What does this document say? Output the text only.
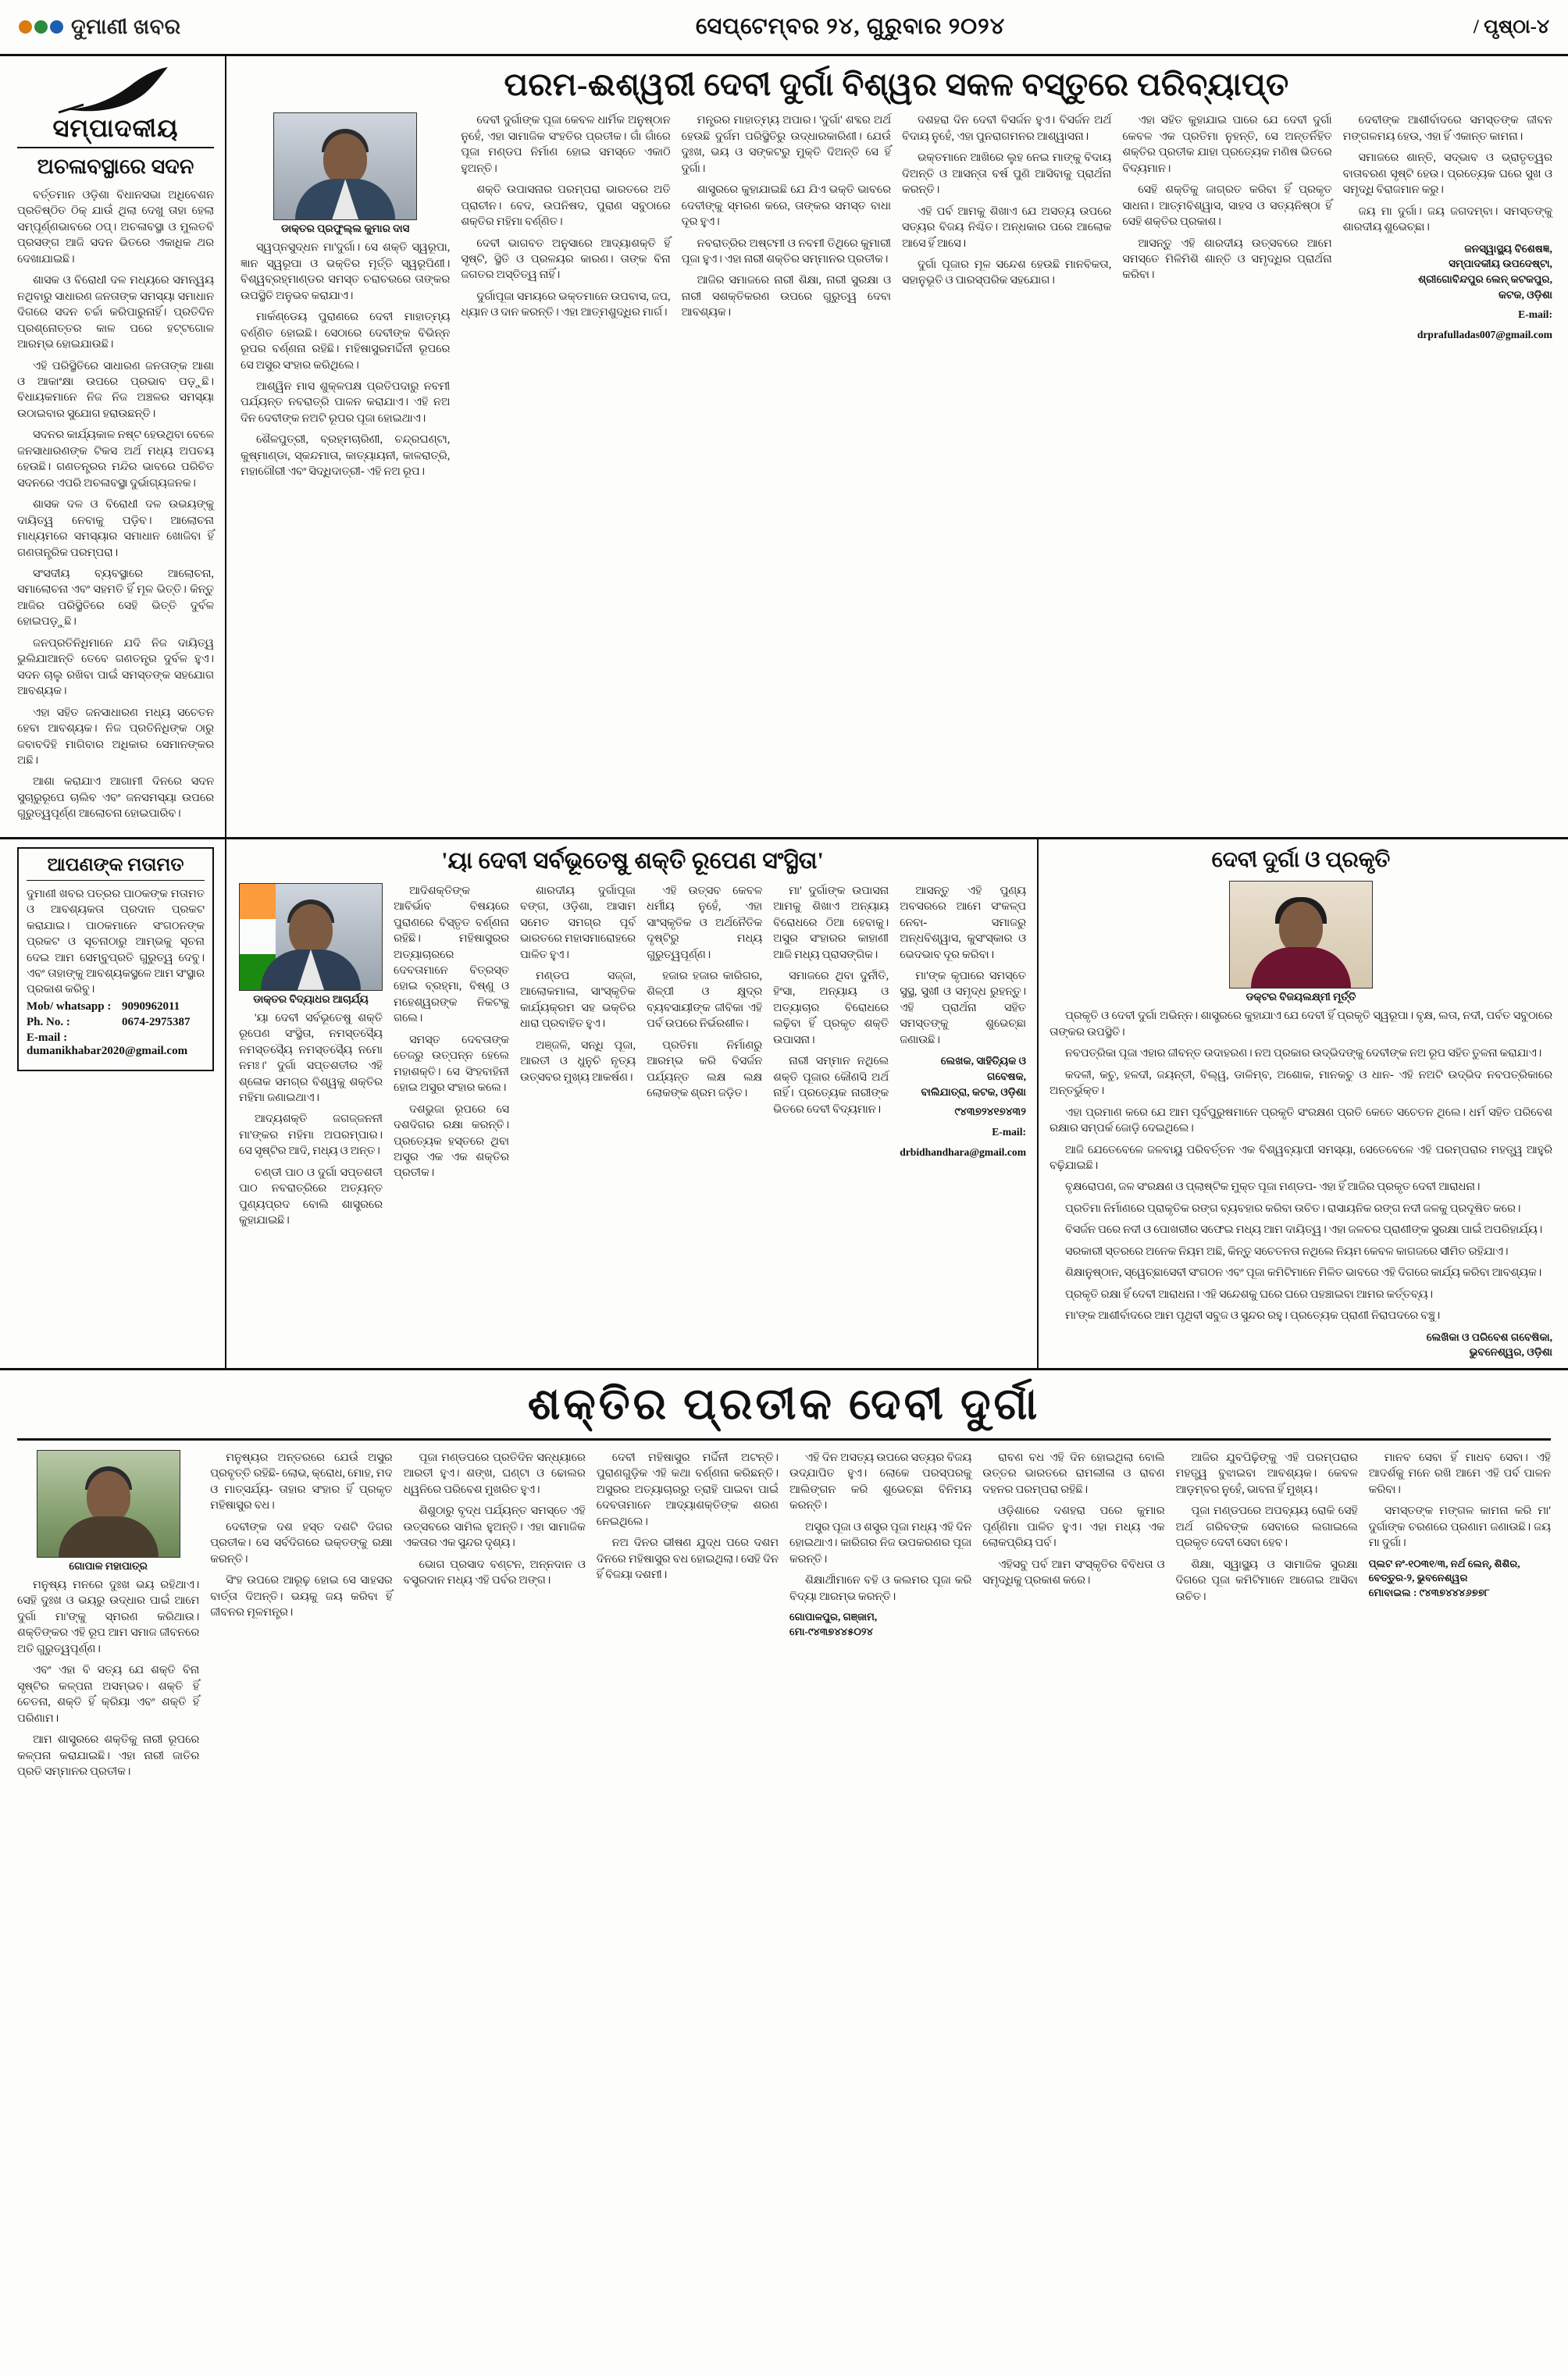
ଦୁମାଣୀ ଖବର	ସେପ୍ଟେମ୍ବର ୨୪, ଗୁରୁବାର ୨୦୨୪	/ ପୃଷ୍ଠା-୪
ସମ୍ପାଦକୀୟ
ଅଚଳାବସ୍ଥାରେ ସଦନ

ବର୍ତ୍ତମାନ ଓଡ଼ିଶା ବିଧାନସଭା ଅଧିବେଶନ ପ୍ରତିଷ୍ଠିତ ଠିକ୍ ଯାଉଁ ଥିଲା ଦେଖୁ ତାହା ହେଲା ସମ୍ପୂର୍ଣ୍ଣଭାବରେ ଠପ୍। ଅଚଳାବସ୍ଥା ଓ ମୁଲତବି ପ୍ରସଙ୍ଗ ଆଜି ସଦନ ଭିତରେ ଏକାଧିକ ଥର ଦେଖାଯାଇଛି।

ଶାସକ ଓ ବିରୋଧୀ ଦଳ ମଧ୍ୟରେ ସମନ୍ୱୟ ନଥିବାରୁ ସାଧାରଣ ଜନତାଙ୍କ ସମସ୍ୟା ସମାଧାନ ଦିଗରେ ସଦନ ଚର୍ଚ୍ଚା କରିପାରୁନାହିଁ। ପ୍ରତିଦିନ ପ୍ରଶ୍ନୋତ୍ତର କାଳ ପରେ ହଟ୍ଟଗୋଳ ଆରମ୍ଭ ହୋଇଯାଉଛି।

ଏହି ପରିସ୍ଥିତିରେ ସାଧାରଣ ଜନତାଙ୍କ ଆଶା ଓ ଆକାଂକ୍ଷା ଉପରେ ପ୍ରଭାବ ପଡ଼ୁଛି। ବିଧାୟକମାନେ ନିଜ ନିଜ ଅଞ୍ଚଳର ସମସ୍ୟା ଉଠାଇବାର ସୁଯୋଗ ହରାଉଛନ୍ତି।

ସଦନର କାର୍ଯ୍ୟକାଳ ନଷ୍ଟ ହେଉଥିବା ବେଳେ ଜନସାଧାରଣଙ୍କ ଟିକସ ଅର୍ଥ ମଧ୍ୟ ଅପଚୟ ହେଉଛି। ଗଣତନ୍ତ୍ରର ମନ୍ଦିର ଭାବରେ ପରିଚିତ ସଦନରେ ଏପରି ଅଚଳାବସ୍ଥା ଦୁର୍ଭାଗ୍ୟଜନକ।

ଶାସକ ଦଳ ଓ ବିରୋଧୀ ଦଳ ଉଭୟଙ୍କୁ ଦାୟିତ୍ୱ ନେବାକୁ ପଡ଼ିବ। ଆଲୋଚନା ମାଧ୍ୟମରେ ସମସ୍ୟାର ସମାଧାନ ଖୋଜିବା ହିଁ ଗଣତାନ୍ତ୍ରିକ ପରମ୍ପରା।

ସଂସଦୀୟ ବ୍ୟବସ୍ଥାରେ ଆଲୋଚନା, ସମାଲୋଚନା ଏବଂ ସହମତି ହିଁ ମୂଳ ଭିତ୍ତି। କିନ୍ତୁ ଆଜିର ପରିସ୍ଥିତିରେ ସେହି ଭିତ୍ତି ଦୁର୍ବଳ ହୋଇପଡ଼ୁଛି।

ଜନପ୍ରତିନିଧିମାନେ ଯଦି ନିଜ ଦାୟିତ୍ୱ ଭୁଲିଯାଆନ୍ତି ତେବେ ଗଣତନ୍ତ୍ର ଦୁର୍ବଳ ହୁଏ। ସଦନ ଚାଲୁ ରଖିବା ପାଇଁ ସମସ୍ତଙ୍କ ସହଯୋଗ ଆବଶ୍ୟକ।

ଏହା ସହିତ ଜନସାଧାରଣ ମଧ୍ୟ ସଚେତନ ହେବା ଆବଶ୍ୟକ। ନିଜ ପ୍ରତିନିଧିଙ୍କ ଠାରୁ ଜବାବଦିହି ମାଗିବାର ଅଧିକାର ସେମାନଙ୍କର ଅଛି।

ଆଶା କରାଯାଏ ଆଗାମୀ ଦିନରେ ସଦନ ସୁଚାରୁରୂପେ ଚାଲିବ ଏବଂ ଜନସମସ୍ୟା ଉପରେ ଗୁରୁତ୍ୱପୂର୍ଣ୍ଣ ଆଲୋଚନା ହୋଇପାରିବ।

ପରମ-ଈଶ୍ୱରୀ ଦେବୀ ଦୁର୍ଗା ବିଶ୍ୱର ସକଳ ବସ୍ତୁରେ ପରିବ୍ୟାପ୍ତ
ଡାକ୍ତର ପ୍ରଫୁଲ୍ଲ କୁମାର ଦାସ

ସ୍ୱପ୍ନସୁଦ୍ଧନ ମା'ଦୁର୍ଗା। ସେ ଶକ୍ତି ସ୍ୱରୂପା, ଜ୍ଞାନ ସ୍ୱରୂପା ଓ ଭକ୍ତିର ମୂର୍ତ୍ତି ସ୍ୱରୂପିଣୀ। ବିଶ୍ୱବ୍ରହ୍ମାଣ୍ଡର ସମସ୍ତ ଚରାଚରରେ ତାଙ୍କର ଉପସ୍ଥିତି ଅନୁଭବ କରାଯାଏ।

ମାର୍କଣ୍ଡେୟ ପୁରାଣରେ ଦେବୀ ମାହାତ୍ମ୍ୟ ବର୍ଣ୍ଣିତ ହୋଇଛି। ସେଠାରେ ଦେବୀଙ୍କ ବିଭିନ୍ନ ରୂପର ବର୍ଣ୍ଣନା ରହିଛି। ମହିଷାସୁରମର୍ଦ୍ଦିନୀ ରୂପରେ ସେ ଅସୁର ସଂହାର କରିଥିଲେ।

ଆଶ୍ୱିନ ମାସ ଶୁକ୍ଳପକ୍ଷ ପ୍ରତିପଦାରୁ ନବମୀ ପର୍ଯ୍ୟନ୍ତ ନବରାତ୍ରି ପାଳନ କରାଯାଏ। ଏହି ନଅ ଦିନ ଦେବୀଙ୍କ ନଅଟି ରୂପର ପୂଜା ହୋଇଥାଏ।

ଶୈଳପୁତ୍ରୀ, ବ୍ରହ୍ମଚାରିଣୀ, ଚନ୍ଦ୍ରଘଣ୍ଟା, କୁଷ୍ମାଣ୍ଡା, ସ୍କନ୍ଦମାତା, କାତ୍ୟାୟନୀ, କାଳରାତ୍ରି, ମହାଗୌରୀ ଏବଂ ସିଦ୍ଧିଦାତ୍ରୀ- ଏହି ନଅ ରୂପ।

ଦେବୀ ଦୁର୍ଗାଙ୍କ ପୂଜା କେବଳ ଧାର୍ମିକ ଅନୁଷ୍ଠାନ ନୁହେଁ, ଏହା ସାମାଜିକ ସଂହତିର ପ୍ରତୀକ। ଗାଁ ଗାଁରେ ପୂଜା ମଣ୍ଡପ ନିର୍ମାଣ ହୋଇ ସମସ୍ତେ ଏକାଠି ହୁଅନ୍ତି।

ଶକ୍ତି ଉପାସନାର ପରମ୍ପରା ଭାରତରେ ଅତି ପ୍ରାଚୀନ। ବେଦ, ଉପନିଷଦ, ପୁରାଣ ସବୁଠାରେ ଶକ୍ତିର ମହିମା ବର୍ଣ୍ଣିତ।

ଦେବୀ ଭାଗବତ ଅନୁସାରେ ଆଦ୍ୟାଶକ୍ତି ହିଁ ସୃଷ୍ଟି, ସ୍ଥିତି ଓ ପ୍ରଳୟର କାରଣ। ତାଙ୍କ ବିନା ଜଗତର ଅସ୍ତିତ୍ୱ ନାହିଁ।

ଦୁର୍ଗାପୂଜା ସମୟରେ ଭକ୍ତମାନେ ଉପବାସ, ଜପ, ଧ୍ୟାନ ଓ ଦାନ କରନ୍ତି। ଏହା ଆତ୍ମଶୁଦ୍ଧିର ମାର୍ଗ।

ମନ୍ତ୍ରର ମାହାତ୍ମ୍ୟ ଅପାର। 'ଦୁର୍ଗା' ଶବ୍ଦର ଅର୍ଥ ହେଉଛି ଦୁର୍ଗମ ପରିସ୍ଥିତିରୁ ଉଦ୍ଧାରକାରିଣୀ। ଯେଉଁ ଦୁଃଖ, ଭୟ ଓ ସଙ୍କଟରୁ ମୁକ୍ତି ଦିଅନ୍ତି ସେ ହିଁ ଦୁର୍ଗା।

ଶାସ୍ତ୍ରରେ କୁହାଯାଇଛି ଯେ ଯିଏ ଭକ୍ତି ଭାବରେ ଦେବୀଙ୍କୁ ସ୍ମରଣ କରେ, ତାଙ୍କର ସମସ୍ତ ବାଧା ଦୂର ହୁଏ।

ନବରାତ୍ରିର ଅଷ୍ଟମୀ ଓ ନବମୀ ତିଥିରେ କୁମାରୀ ପୂଜା ହୁଏ। ଏହା ନାରୀ ଶକ୍ତିର ସମ୍ମାନର ପ୍ରତୀକ।

ଆଜିର ସମାଜରେ ନାରୀ ଶିକ୍ଷା, ନାରୀ ସୁରକ୍ଷା ଓ ନାରୀ ସଶକ୍ତିକରଣ ଉପରେ ଗୁରୁତ୍ୱ ଦେବା ଆବଶ୍ୟକ।

ଦଶହରା ଦିନ ଦେବୀ ବିସର୍ଜନ ହୁଏ। ବିସର୍ଜନ ଅର୍ଥ ବିଦାୟ ନୁହେଁ, ଏହା ପୁନରାଗମନର ଆଶ୍ୱାସନା।

ଭକ୍ତମାନେ ଆଖିରେ ଲୁହ ନେଇ ମାଙ୍କୁ ବିଦାୟ ଦିଅନ୍ତି ଓ ଆସନ୍ତା ବର୍ଷ ପୁଣି ଆସିବାକୁ ପ୍ରାର୍ଥନା କରନ୍ତି।

ଏହି ପର୍ବ ଆମକୁ ଶିଖାଏ ଯେ ଅସତ୍ୟ ଉପରେ ସତ୍ୟର ବିଜୟ ନିଶ୍ଚିତ। ଅନ୍ଧକାର ପରେ ଆଲୋକ ଆସେ ହିଁ ଆସେ।

ଦୁର୍ଗା ପୂଜାର ମୂଳ ସନ୍ଦେଶ ହେଉଛି ମାନବିକତା, ସହାନୁଭୂତି ଓ ପାରସ୍ପରିକ ସହଯୋଗ।

ଏହା ସହିତ କୁହାଯାଇ ପାରେ ଯେ ଦେବୀ ଦୁର୍ଗା କେବଳ ଏକ ପ୍ରତିମା ନୁହନ୍ତି, ସେ ଅନ୍ତର୍ନିହିତ ଶକ୍ତିର ପ୍ରତୀକ ଯାହା ପ୍ରତ୍ୟେକ ମଣିଷ ଭିତରେ ବିଦ୍ୟମାନ।

ସେହି ଶକ୍ତିକୁ ଜାଗ୍ରତ କରିବା ହିଁ ପ୍ରକୃତ ସାଧନା। ଆତ୍ମବିଶ୍ୱାସ, ସାହସ ଓ ସତ୍ୟନିଷ୍ଠା ହିଁ ସେହି ଶକ୍ତିର ପ୍ରକାଶ।

ଆସନ୍ତୁ ଏହି ଶାରଦୀୟ ଉତ୍ସବରେ ଆମେ ସମସ୍ତେ ମିଳିମିଶି ଶାନ୍ତି ଓ ସମୃଦ୍ଧିର ପ୍ରାର୍ଥନା କରିବା।

ଦେବୀଙ୍କ ଆଶୀର୍ବାଦରେ ସମସ୍ତଙ୍କ ଜୀବନ ମଙ୍ଗଳମୟ ହେଉ, ଏହା ହିଁ ଏକାନ୍ତ କାମନା।

ସମାଜରେ ଶାନ୍ତି, ସଦ୍ଭାବ ଓ ଭ୍ରାତୃତ୍ୱର ବାତାବରଣ ସୃଷ୍ଟି ହେଉ। ପ୍ରତ୍ୟେକ ଘରେ ସୁଖ ଓ ସମୃଦ୍ଧି ବିରାଜମାନ କରୁ।

ଜୟ ମା ଦୁର୍ଗା। ଜୟ ଜଗଦମ୍ବା। ସମସ୍ତଙ୍କୁ ଶାରଦୀୟ ଶୁଭେଚ୍ଛା।

ଜନସ୍ୱାସ୍ଥ୍ୟ ବିଶେଷଜ୍ଞ,
ସମ୍ପାଦକୀୟ ଉପଦେଷ୍ଟା,
ଶ୍ରୀଗୋବିନ୍ଦପୁର ଲେନ୍ କଟକପୁର,
କଟକ, ଓଡ଼ିଶା
E-mail:
drprafulladas007@gmail.com
ଆପଣଙ୍କ ମତାମତ
ଦୁମାଣୀ ଖବର ପତ୍ରର ପାଠକଙ୍କ ମତାମତ ଓ ଆବଶ୍ୟକତା ପ୍ରଦାନ ପ୍ରକଟ କରାଯାଇ। ପାଠକମାନେ ସଂଗଠନଙ୍କ ପ୍ରକଟ ଓ ସୂଚନାଠାରୁ ଆମ୍ଭକୁ ସୂଚନା ଦେଇ ଆମ ସେମ୍ବୁପ୍ରତି ଗୁରୁତ୍ୱ ଦେବୁ। ଏବଂ ତାହାଙ୍କୁ ଆବଶ୍ୟକସ୍ଥଳେ ଆମ ସଂସ୍ଥାର ପ୍ରକାଶ କରିବୁ।
Mob/ whatsapp : 9090962011
Ph. No. :	0674-2975387
E-mail :dumanikhabar2020@gmail.com
'ୟା ଦେବୀ ସର୍ବଭୂତେଷୁ ଶକ୍ତି ରୂପେଣ ସଂସ୍ଥିତା'
ଡାକ୍ତର ବିଦ୍ୟାଧର ଆଚାର୍ଯ୍ୟ

'ୟା ଦେବୀ ସର୍ବଭୂତେଷୁ ଶକ୍ତି ରୂପେଣ ସଂସ୍ଥିତା, ନମସ୍ତସ୍ୟୈ ନମସ୍ତସ୍ୟୈ ନମସ୍ତସ୍ୟୈ ନମୋ ନମଃ।' ଦୁର୍ଗା ସପ୍ତଶତୀର ଏହି ଶ୍ଳୋକ ସମଗ୍ର ବିଶ୍ୱକୁ ଶକ୍ତିର ମହିମା ଜଣାଇଥାଏ।

ଆଦ୍ୟଶକ୍ତି ଜଗଜ୍ଜନନୀ ମା'ଙ୍କର ମହିମା ଅପରମ୍ପାର। ସେ ସୃଷ୍ଟିର ଆଦି, ମଧ୍ୟ ଓ ଅନ୍ତ।

ଚଣ୍ଡୀ ପାଠ ଓ ଦୁର୍ଗା ସପ୍ତଶତୀ ପାଠ ନବରାତ୍ରିରେ ଅତ୍ୟନ୍ତ ପୁଣ୍ୟପ୍ରଦ ବୋଲି ଶାସ୍ତ୍ରରେ କୁହାଯାଇଛି।

ଆଦିଶକ୍ତିଙ୍କ ଆବିର୍ଭାବ ବିଷୟରେ ପୁରାଣରେ ବିସ୍ତୃତ ବର୍ଣ୍ଣନା ରହିଛି। ମହିଷାସୁରର ଅତ୍ୟାଚାରରେ ଦେବତାମାନେ ବିତ୍ରସ୍ତ ହୋଇ ବ୍ରହ୍ମା, ବିଷ୍ଣୁ ଓ ମହେଶ୍ୱରଙ୍କ ନିକଟକୁ ଗଲେ।

ସମସ୍ତ ଦେବତାଙ୍କ ତେଜରୁ ଉତ୍ପନ୍ନ ହେଲେ ମହାଶକ୍ତି। ସେ ସିଂହବାହିନୀ ହୋଇ ଅସୁର ସଂହାର କଲେ।

ଦଶଭୁଜା ରୂପରେ ସେ ଦଶଦିଗର ରକ୍ଷା କରନ୍ତି। ପ୍ରତ୍ୟେକ ହସ୍ତରେ ଥିବା ଅସ୍ତ୍ର ଏକ ଏକ ଶକ୍ତିର ପ୍ରତୀକ।

ଶାରଦୀୟ ଦୁର୍ଗାପୂଜା ବଙ୍ଗ, ଓଡ଼ିଶା, ଆସାମ ସମେତ ସମଗ୍ର ପୂର୍ବ ଭାରତରେ ମହାସମାରୋହରେ ପାଳିତ ହୁଏ।

ମଣ୍ଡପ ସଜ୍ଜା, ଆଲୋକମାଳା, ସାଂସ୍କୃତିକ କାର୍ଯ୍ୟକ୍ରମ ସହ ଭକ୍ତିର ଧାରା ପ୍ରବାହିତ ହୁଏ।

ଅଞ୍ଜଳି, ସନ୍ଧି ପୂଜା, ଆରତୀ ଓ ଧୁନୁଚି ନୃତ୍ୟ ଉତ୍ସବର ମୁଖ୍ୟ ଆକର୍ଷଣ।

ଏହି ଉତ୍ସବ କେବଳ ଧର୍ମୀୟ ନୁହେଁ, ଏହା ସାଂସ୍କୃତିକ ଓ ଅର୍ଥନୈତିକ ଦୃଷ୍ଟିରୁ ମଧ୍ୟ ଗୁରୁତ୍ୱପୂର୍ଣ୍ଣ।

ହଜାର ହଜାର କାରିଗର, ଶିଳ୍ପୀ ଓ କ୍ଷୁଦ୍ର ବ୍ୟବସାୟୀଙ୍କ ଜୀବିକା ଏହି ପର୍ବ ଉପରେ ନିର୍ଭରଶୀଳ।

ପ୍ରତିମା ନିର୍ମାଣରୁ ଆରମ୍ଭ କରି ବିସର୍ଜନ ପର୍ଯ୍ୟନ୍ତ ଲକ୍ଷ ଲକ୍ଷ ଲୋକଙ୍କ ଶ୍ରମ ଜଡ଼ିତ।

ମା' ଦୁର୍ଗାଙ୍କ ଉପାସନା ଆମକୁ ଶିଖାଏ ଅନ୍ୟାୟ ବିରୋଧରେ ଠିଆ ହେବାକୁ। ଅସୁର ସଂହାରର କାହାଣୀ ଆଜି ମଧ୍ୟ ପ୍ରାସଙ୍ଗିକ।

ସମାଜରେ ଥିବା ଦୁର୍ନୀତି, ହିଂସା, ଅନ୍ୟାୟ ଓ ଅତ୍ୟାଚାର ବିରୋଧରେ ଲଢ଼ିବା ହିଁ ପ୍ରକୃତ ଶକ୍ତି ଉପାସନା।

ନାରୀ ସମ୍ମାନ ନଥିଲେ ଶକ୍ତି ପୂଜାର କୌଣସି ଅର୍ଥ ନାହିଁ। ପ୍ରତ୍ୟେକ ନାରୀଙ୍କ ଭିତରେ ଦେବୀ ବିଦ୍ୟମାନ।

ଆସନ୍ତୁ ଏହି ପୁଣ୍ୟ ଅବସରରେ ଆମେ ସଂକଳ୍ପ ନେବା- ସମାଜରୁ ଅନ୍ଧବିଶ୍ୱାସ, କୁସଂସ୍କାର ଓ ଭେଦଭାବ ଦୂର କରିବା।

ମା'ଙ୍କ କୃପାରେ ସମସ୍ତେ ସୁସ୍ଥ, ସୁଖୀ ଓ ସମୃଦ୍ଧ ରୁହନ୍ତୁ। ଏହି ପ୍ରାର୍ଥନା ସହିତ ସମସ୍ତଙ୍କୁ ଶୁଭେଚ୍ଛା ଜଣାଉଛି।

ଲେଖକ, ସାହିତ୍ୟିକ ଓ ଗବେଷକ,
ବାଲିଯାତ୍ରା, କଟକ, ଓଡ଼ିଶା
୯୪୩୭୨୪୧୭୪୩୨
E-mail:
drbidhandhara@gmail.com
ଦେବୀ ଦୁର୍ଗା ଓ ପ୍ରକୃତି
ଡକ୍ଟର ବିଜୟଲକ୍ଷ୍ମୀ ମୂର୍ତ୍ତି

ପ୍ରକୃତି ଓ ଦେବୀ ଦୁର୍ଗା ଅଭିନ୍ନ। ଶାସ୍ତ୍ରରେ କୁହାଯାଏ ଯେ ଦେବୀ ହିଁ ପ୍ରକୃତି ସ୍ୱରୂପା। ବୃକ୍ଷ, ଲତା, ନଦୀ, ପର୍ବତ ସବୁଠାରେ ତାଙ୍କର ଉପସ୍ଥିତି।

ନବପତ୍ରିକା ପୂଜା ଏହାର ଜୀବନ୍ତ ଉଦାହରଣ। ନଅ ପ୍ରକାର ଉଦ୍ଭିଦଙ୍କୁ ଦେବୀଙ୍କ ନଅ ରୂପ ସହିତ ତୁଳନା କରାଯାଏ।

କଦଳୀ, କଚୁ, ହଳଦୀ, ଜୟନ୍ତୀ, ବିଲ୍ୱ, ଡାଳିମ୍ବ, ଅଶୋକ, ମାନକଚୁ ଓ ଧାନ- ଏହି ନଅଟି ଉଦ୍ଭିଦ ନବପତ୍ରିକାରେ ଅନ୍ତର୍ଭୁକ୍ତ।

ଏହା ପ୍ରମାଣ କରେ ଯେ ଆମ ପୂର୍ବପୁରୁଷମାନେ ପ୍ରକୃତି ସଂରକ୍ଷଣ ପ୍ରତି କେତେ ସଚେତନ ଥିଲେ। ଧର୍ମ ସହିତ ପରିବେଶ ରକ୍ଷାର ସମ୍ପର୍କ ଜୋଡ଼ି ଦେଇଥିଲେ।

ଆଜି ଯେତେବେଳେ ଜଳବାୟୁ ପରିବର୍ତ୍ତନ ଏକ ବିଶ୍ୱବ୍ୟାପୀ ସମସ୍ୟା, ସେତେବେଳେ ଏହି ପରମ୍ପରାର ମହତ୍ତ୍ୱ ଆହୁରି ବଢ଼ିଯାଇଛି।

ବୃକ୍ଷରୋପଣ, ଜଳ ସଂରକ୍ଷଣ ଓ ପ୍ଲାଷ୍ଟିକ ମୁକ୍ତ ପୂଜା ମଣ୍ଡପ- ଏହା ହିଁ ଆଜିର ପ୍ରକୃତ ଦେବୀ ଆରାଧନା।

ପ୍ରତିମା ନିର୍ମାଣରେ ପ୍ରାକୃତିକ ରଙ୍ଗ ବ୍ୟବହାର କରିବା ଉଚିତ। ରାସାୟନିକ ରଙ୍ଗ ନଦୀ ଜଳକୁ ପ୍ରଦୂଷିତ କରେ।

ବିସର୍ଜନ ପରେ ନଦୀ ଓ ପୋଖରୀର ସଫେଇ ମଧ୍ୟ ଆମ ଦାୟିତ୍ୱ। ଏହା ଜଳଚର ପ୍ରାଣୀଙ୍କ ସୁରକ୍ଷା ପାଇଁ ଅପରିହାର୍ଯ୍ୟ।

ସରକାରୀ ସ୍ତରରେ ଅନେକ ନିୟମ ଅଛି, କିନ୍ତୁ ସଚେତନତା ନଥିଲେ ନିୟମ କେବଳ କାଗଜରେ ସୀମିତ ରହିଯାଏ।

ଶିକ୍ଷାନୁଷ୍ଠାନ, ସ୍ୱେଚ୍ଛାସେବୀ ସଂଗଠନ ଏବଂ ପୂଜା କମିଟିମାନେ ମିଳିତ ଭାବରେ ଏହି ଦିଗରେ କାର୍ଯ୍ୟ କରିବା ଆବଶ୍ୟକ।

ପ୍ରକୃତି ରକ୍ଷା ହିଁ ଦେବୀ ଆରାଧନା। ଏହି ସନ୍ଦେଶକୁ ଘରେ ଘରେ ପହଞ୍ଚାଇବା ଆମର କର୍ତ୍ତବ୍ୟ।

ମା'ଙ୍କ ଆଶୀର୍ବାଦରେ ଆମ ପୃଥିବୀ ସବୁଜ ଓ ସୁନ୍ଦର ରହୁ। ପ୍ରତ୍ୟେକ ପ୍ରାଣୀ ନିରାପଦରେ ବଞ୍ଚୁ।

ଲେଖିକା ଓ ପରିବେଶ ଗବେଷିକା,
ଭୁବନେଶ୍ୱର, ଓଡ଼ିଶା
ଶକ୍ତିର ପ୍ରତୀକ ଦେବୀ ଦୁର୍ଗା
ଗୋପାଳ ମହାପାତ୍ର

ମନୁଷ୍ୟ ମନରେ ଦୁଃଖ ଭୟ ରହିଥାଏ। ସେହି ଦୁଃଖ ଓ ଭୟରୁ ଉଦ୍ଧାର ପାଇଁ ଆମେ ଦୁର୍ଗା ମା'ଙ୍କୁ ସ୍ମରଣ କରିଥାଉ। ଶକ୍ତିଙ୍କର ଏହି ରୂପ ଆମ ସମାଜ ଜୀବନରେ ଅତି ଗୁରୁତ୍ୱପୂର୍ଣ୍ଣ।

ଏବଂ ଏହା ବି ସତ୍ୟ ଯେ ଶକ୍ତି ବିନା ସୃଷ୍ଟିର କଳ୍ପନା ଅସମ୍ଭବ। ଶକ୍ତି ହିଁ ଚେତନା, ଶକ୍ତି ହିଁ କ୍ରିୟା ଏବଂ ଶକ୍ତି ହିଁ ପରିଣାମ।

ଆମ ଶାସ୍ତ୍ରରେ ଶକ୍ତିକୁ ନାରୀ ରୂପରେ କଳ୍ପନା କରାଯାଇଛି। ଏହା ନାରୀ ଜାତିର ପ୍ରତି ସମ୍ମାନର ପ୍ରତୀକ।

ମନୁଷ୍ୟର ଅନ୍ତରରେ ଯେଉଁ ଅସୁର ପ୍ରବୃତ୍ତି ରହିଛି- ଲୋଭ, କ୍ରୋଧ, ମୋହ, ମଦ ଓ ମାତ୍ସର୍ଯ୍ୟ- ତାହାର ସଂହାର ହିଁ ପ୍ରକୃତ ମହିଷାସୁର ବଧ।

ଦେବୀଙ୍କ ଦଶ ହସ୍ତ ଦଶଟି ଦିଗର ପ୍ରତୀକ। ସେ ସର୍ବଦିଗରେ ଭକ୍ତଙ୍କୁ ରକ୍ଷା କରନ୍ତି।

ସିଂହ ଉପରେ ଆରୂଢ଼ ହୋଇ ସେ ସାହସର ବାର୍ତ୍ତା ଦିଅନ୍ତି। ଭୟକୁ ଜୟ କରିବା ହିଁ ଜୀବନର ମୂଳମନ୍ତ୍ର।

ପୂଜା ମଣ୍ଡପରେ ପ୍ରତିଦିନ ସନ୍ଧ୍ୟାରେ ଆରତୀ ହୁଏ। ଶଙ୍ଖ, ଘଣ୍ଟା ଓ ଢୋଲର ଧ୍ୱନିରେ ପରିବେଶ ମୁଖରିତ ହୁଏ।

ଶିଶୁଠାରୁ ବୃଦ୍ଧ ପର୍ଯ୍ୟନ୍ତ ସମସ୍ତେ ଏହି ଉତ୍ସବରେ ସାମିଲ ହୁଅନ୍ତି। ଏହା ସାମାଜିକ ଏକତାର ଏକ ସୁନ୍ଦର ଦୃଶ୍ୟ।

ଭୋଗ ପ୍ରସାଦ ବଣ୍ଟନ, ଅନ୍ନଦାନ ଓ ବସ୍ତ୍ରଦାନ ମଧ୍ୟ ଏହି ପର୍ବର ଅଙ୍ଗ।

ଦେବୀ ମହିଷାସୁର ମର୍ଦ୍ଦିନୀ ଅଟନ୍ତି। ପୁରାଣଗୁଡ଼ିକ ଏହି କଥା ବର୍ଣ୍ଣନା କରିଛନ୍ତି। ଅସୁରର ଅତ୍ୟାଚାରରୁ ତ୍ରାହି ପାଇବା ପାଇଁ ଦେବତାମାନେ ଆଦ୍ୟାଶକ୍ତିଙ୍କ ଶରଣ ନେଇଥିଲେ।

ନଅ ଦିନର ଭୀଷଣ ଯୁଦ୍ଧ ପରେ ଦଶମ ଦିନରେ ମହିଷାସୁର ବଧ ହୋଇଥିଲା। ସେହି ଦିନ ହିଁ ବିଜୟା ଦଶମୀ।

ଏହି ଦିନ ଅସତ୍ୟ ଉପରେ ସତ୍ୟର ବିଜୟ ଉଦ୍‌ଯାପିତ ହୁଏ। ଲୋକେ ପରସ୍ପରକୁ ଆଲିଙ୍ଗନ କରି ଶୁଭେଚ୍ଛା ବିନିମୟ କରନ୍ତି।

ଅସ୍ତ୍ର ପୂଜା ଓ ଶସ୍ତ୍ର ପୂଜା ମଧ୍ୟ ଏହି ଦିନ ହୋଇଥାଏ। କାରିଗର ନିଜ ଉପକରଣର ପୂଜା କରନ୍ତି।

ଶିକ୍ଷାର୍ଥୀମାନେ ବହି ଓ କଲମର ପୂଜା କରି ବିଦ୍ୟା ଆରମ୍ଭ କରନ୍ତି।

ଗୋପାଳପୁର, ଗଞ୍ଜାମ,
ମୋ-୯୪୩୭୪୪୫୦୨୪

ରାବଣ ବଧ ଏହି ଦିନ ହୋଇଥିଲା ବୋଲି ଉତ୍ତର ଭାରତରେ ରାମଲୀଳା ଓ ରାବଣ ଦହନର ପରମ୍ପରା ରହିଛି।

ଓଡ଼ିଶାରେ ଦଶହରା ପରେ କୁମାର ପୂର୍ଣ୍ଣିମା ପାଳିତ ହୁଏ। ଏହା ମଧ୍ୟ ଏକ ଲୋକପ୍ରିୟ ପର୍ବ।

ଏହିସବୁ ପର୍ବ ଆମ ସଂସ୍କୃତିର ବିବିଧତା ଓ ସମୃଦ୍ଧିକୁ ପ୍ରକାଶ କରେ।

ଆଜିର ଯୁବପିଢ଼ିଙ୍କୁ ଏହି ପରମ୍ପରାର ମହତ୍ତ୍ୱ ବୁଝାଇବା ଆବଶ୍ୟକ। କେବଳ ଆଡ଼ମ୍ବର ନୁହେଁ, ଭାବନା ହିଁ ମୁଖ୍ୟ।

ପୂଜା ମଣ୍ଡପରେ ଅପବ୍ୟୟ ରୋକି ସେହି ଅର୍ଥ ଗରିବଙ୍କ ସେବାରେ ଲଗାଇଲେ ପ୍ରକୃତ ଦେବୀ ସେବା ହେବ।

ଶିକ୍ଷା, ସ୍ୱାସ୍ଥ୍ୟ ଓ ସାମାଜିକ ସୁରକ୍ଷା ଦିଗରେ ପୂଜା କମିଟିମାନେ ଆଗେଇ ଆସିବା ଉଚିତ।

ମାନବ ସେବା ହିଁ ମାଧବ ସେବା। ଏହି ଆଦର୍ଶକୁ ମନେ ରଖି ଆମେ ଏହି ପର୍ବ ପାଳନ କରିବା।

ସମସ୍ତଙ୍କ ମଙ୍ଗଳ କାମନା କରି ମା' ଦୁର୍ଗାଙ୍କ ଚରଣରେ ପ୍ରଣାମ ଜଣାଉଛି। ଜୟ ମା ଦୁର୍ଗା।

ପ୍ଲଟ ନଂ-୧୦୩୧/୩, ନର୍ଥ ଲେନ୍, ଶିଶିର, ବେତ୍ତୁର-୨, ଭୁବନେଶ୍ୱର
ମୋବାଇଲ : ୯୪୩୭୪୪୪୬୭୭୮
